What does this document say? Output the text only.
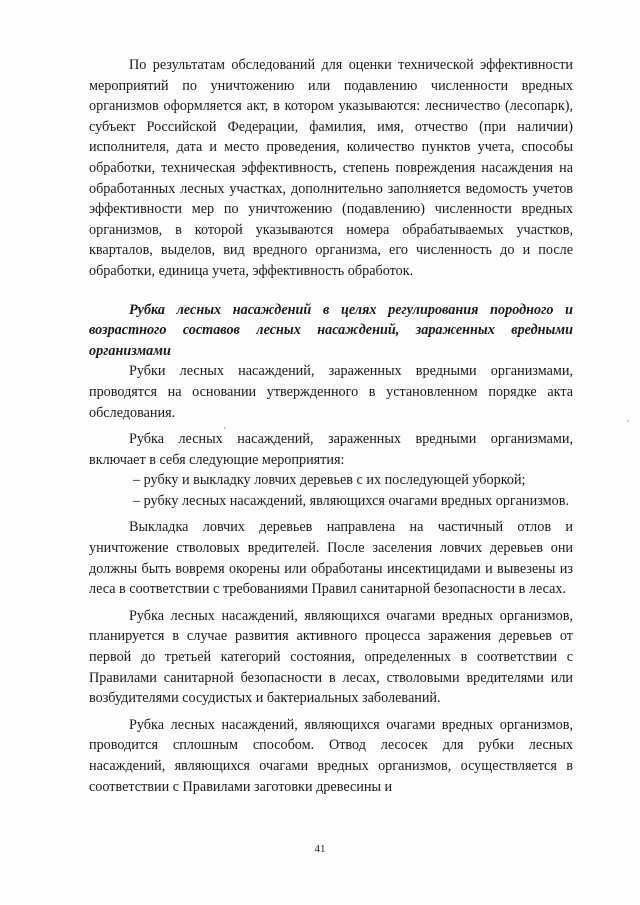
По результатам обследований для оценки технической эффективности мероприятий по уничтожению или подавлению численности вредных организмов оформляется акт, в котором указываются: лесничество (лесопарк), субъект Российской Федерации, фамилия, имя, отчество (при наличии) исполнителя, дата и место проведения, количество пунктов учета, способы обработки, техническая эффективность, степень повреждения насаждения на обработанных лесных участках, дополнительно заполняется ведомость учетов эффективности мер по уничтожению (подавлению) численности вредных организмов, в которой указываются номера обрабатываемых участков, кварталов, выделов, вид вредного организма, его численность до и после обработки, единица учета, эффективность обработок.

Рубка лесных насаждений в целях регулирования породного и возрастного составов лесных насаждений, зараженных вредными организмами

Рубки лесных насаждений, зараженных вредными организмами, проводятся на основании утвержденного в установленном порядке акта обследования.

Рубка лесных насаждений, зараженных вредными организмами, включает в себя следующие мероприятия:

– рубку и выкладку ловчих деревьев с их последующей уборкой;

– рубку лесных насаждений, являющихся очагами вредных организмов.

Выкладка ловчих деревьев направлена на частичный отлов и уничтожение стволовых вредителей. После заселения ловчих деревьев они должны быть вовремя окорены или обработаны инсектицидами и вывезены из леса в соответствии с требованиями Правил санитарной безопасности в лесах.

Рубка лесных насаждений, являющихся очагами вредных организмов, планируется в случае развития активного процесса заражения деревьев от первой до третьей категорий состояния, определенных в соответствии с Правилами санитарной безопасности в лесах, стволовыми вредителями или возбудителями сосудистых и бактериальных заболеваний.

Рубка лесных насаждений, являющихся очагами вредных организмов, проводится сплошным способом. Отвод лесосек для рубки лесных насаждений, являющихся очагами вредных организмов, осуществляется в соответствии с Правилами заготовки древесины и

41
